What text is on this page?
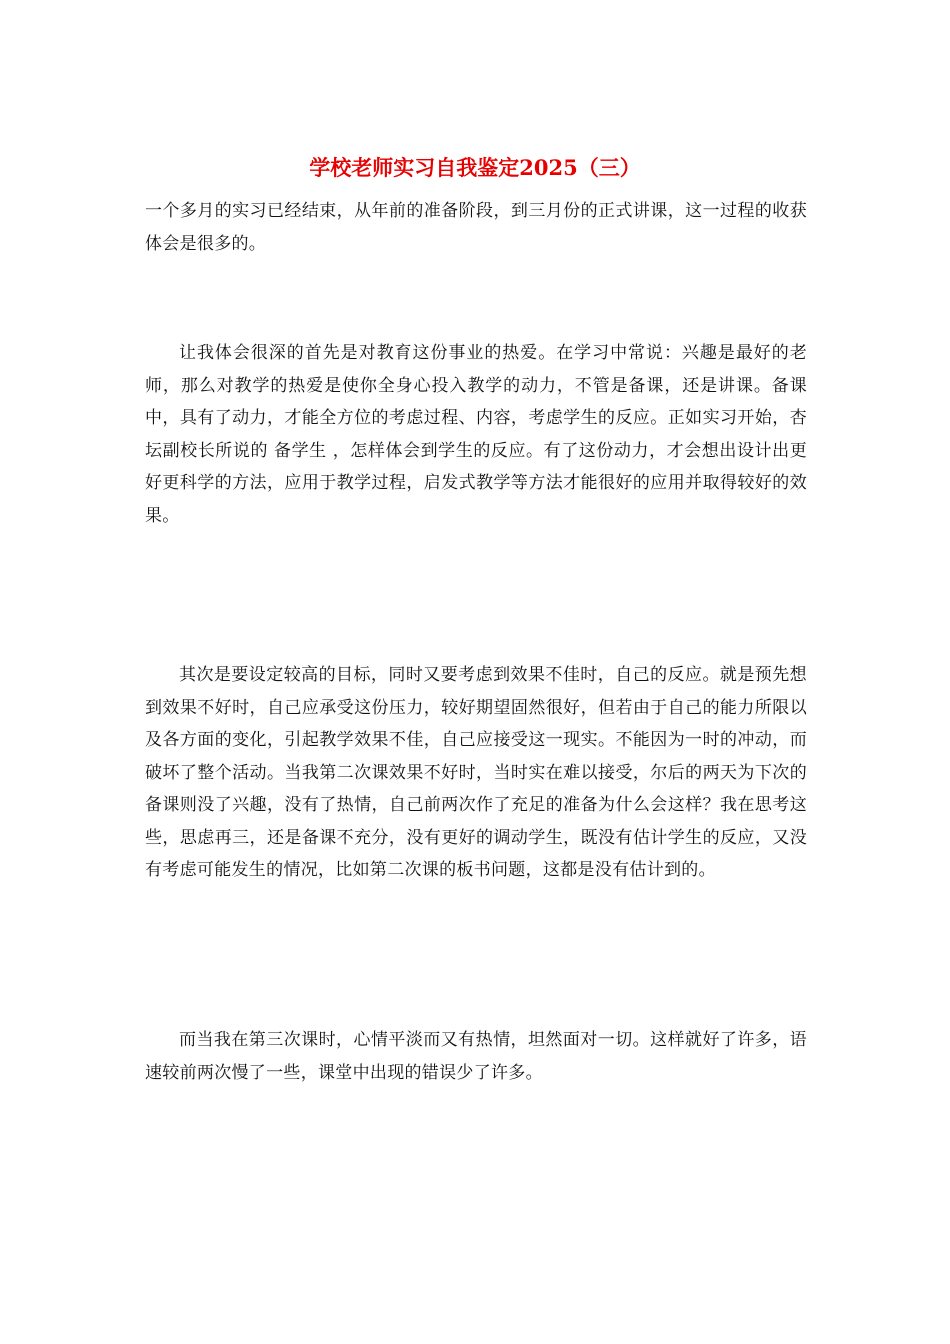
学校老师实习自我鉴定2025（三）

一个多月的实习已经结束，从年前的准备阶段，到三月份的正式讲课，这一过程的收获体会是很多的。

让我体会很深的首先是对教育这份事业的热爱。在学习中常说：兴趣是最好的老师，那么对教学的热爱是使你全身心投入教学的动力，不管是备课，还是讲课。备课中，具有了动力，才能全方位的考虑过程、内容，考虑学生的反应。正如实习开始，杏坛副校长所说的 备学生 ，怎样体会到学生的反应。有了这份动力，才会想出设计出更好更科学的方法，应用于教学过程，启发式教学等方法才能很好的应用并取得较好的效果。

其次是要设定较高的目标，同时又要考虑到效果不佳时，自己的反应。就是预先想到效果不好时，自己应承受这份压力，较好期望固然很好，但若由于自己的能力所限以及各方面的变化，引起教学效果不佳，自己应接受这一现实。不能因为一时的冲动，而破坏了整个活动。当我第二次课效果不好时，当时实在难以接受，尔后的两天为下次的备课则没了兴趣，没有了热情，自己前两次作了充足的准备为什么会这样？我在思考这些，思虑再三，还是备课不充分，没有更好的调动学生，既没有估计学生的反应，又没有考虑可能发生的情况，比如第二次课的板书问题，这都是没有估计到的。

而当我在第三次课时，心情平淡而又有热情，坦然面对一切。这样就好了许多，语速较前两次慢了一些，课堂中出现的错误少了许多。
